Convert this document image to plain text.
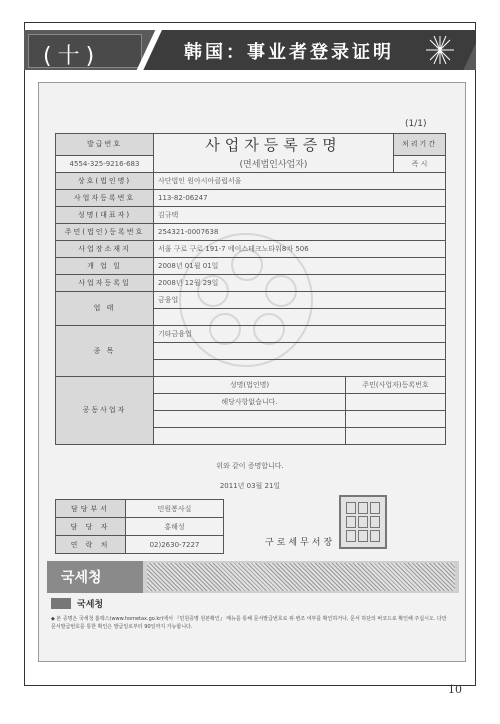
(十)	韩国：事业者登录证明
(1/1)
발급번호	사업자등록증명		처리기간
4554-325-9216-683	(면세법인사업자)		즉 시
상호(법인명)	사단법인 원아시아클럽서울		
사업자등록번호	113-82-06247		
성명(대표자)	김규택		
주민(법인)등록번호	254321-0007638		
사업장소재지	서울 구로 구로 191-7 에이스테크노타워8차 506		
개 업 일	2008년 01월 01일		
사업자등록일	2008년 12월 29일		
업 태	금융업		

종 목	기타금융업		

공동사업자	성명(법인명)	주민(사업자)등록번호	
	해당사항없습니다.		

위와 같이 증명합니다.
2011년 03월 21일
담당부서	민원봉사실
담 당 자	홍해성
연 락 처	02)2630-7227	구로세무서장
국세청
국세청
◆ 본 증명은 국세청 홈택스(www.hometax.go.kr)에서 『민원증명 원본확인』 메뉴를 통해 문서발급번호로 위·변조 여부를 확인하거나, 문서 하단의 바코드로 확인해 주십시오. 다만 문서발급번호를 통한 확인은 발급일로부터 90일까지 가능합니다.
10
